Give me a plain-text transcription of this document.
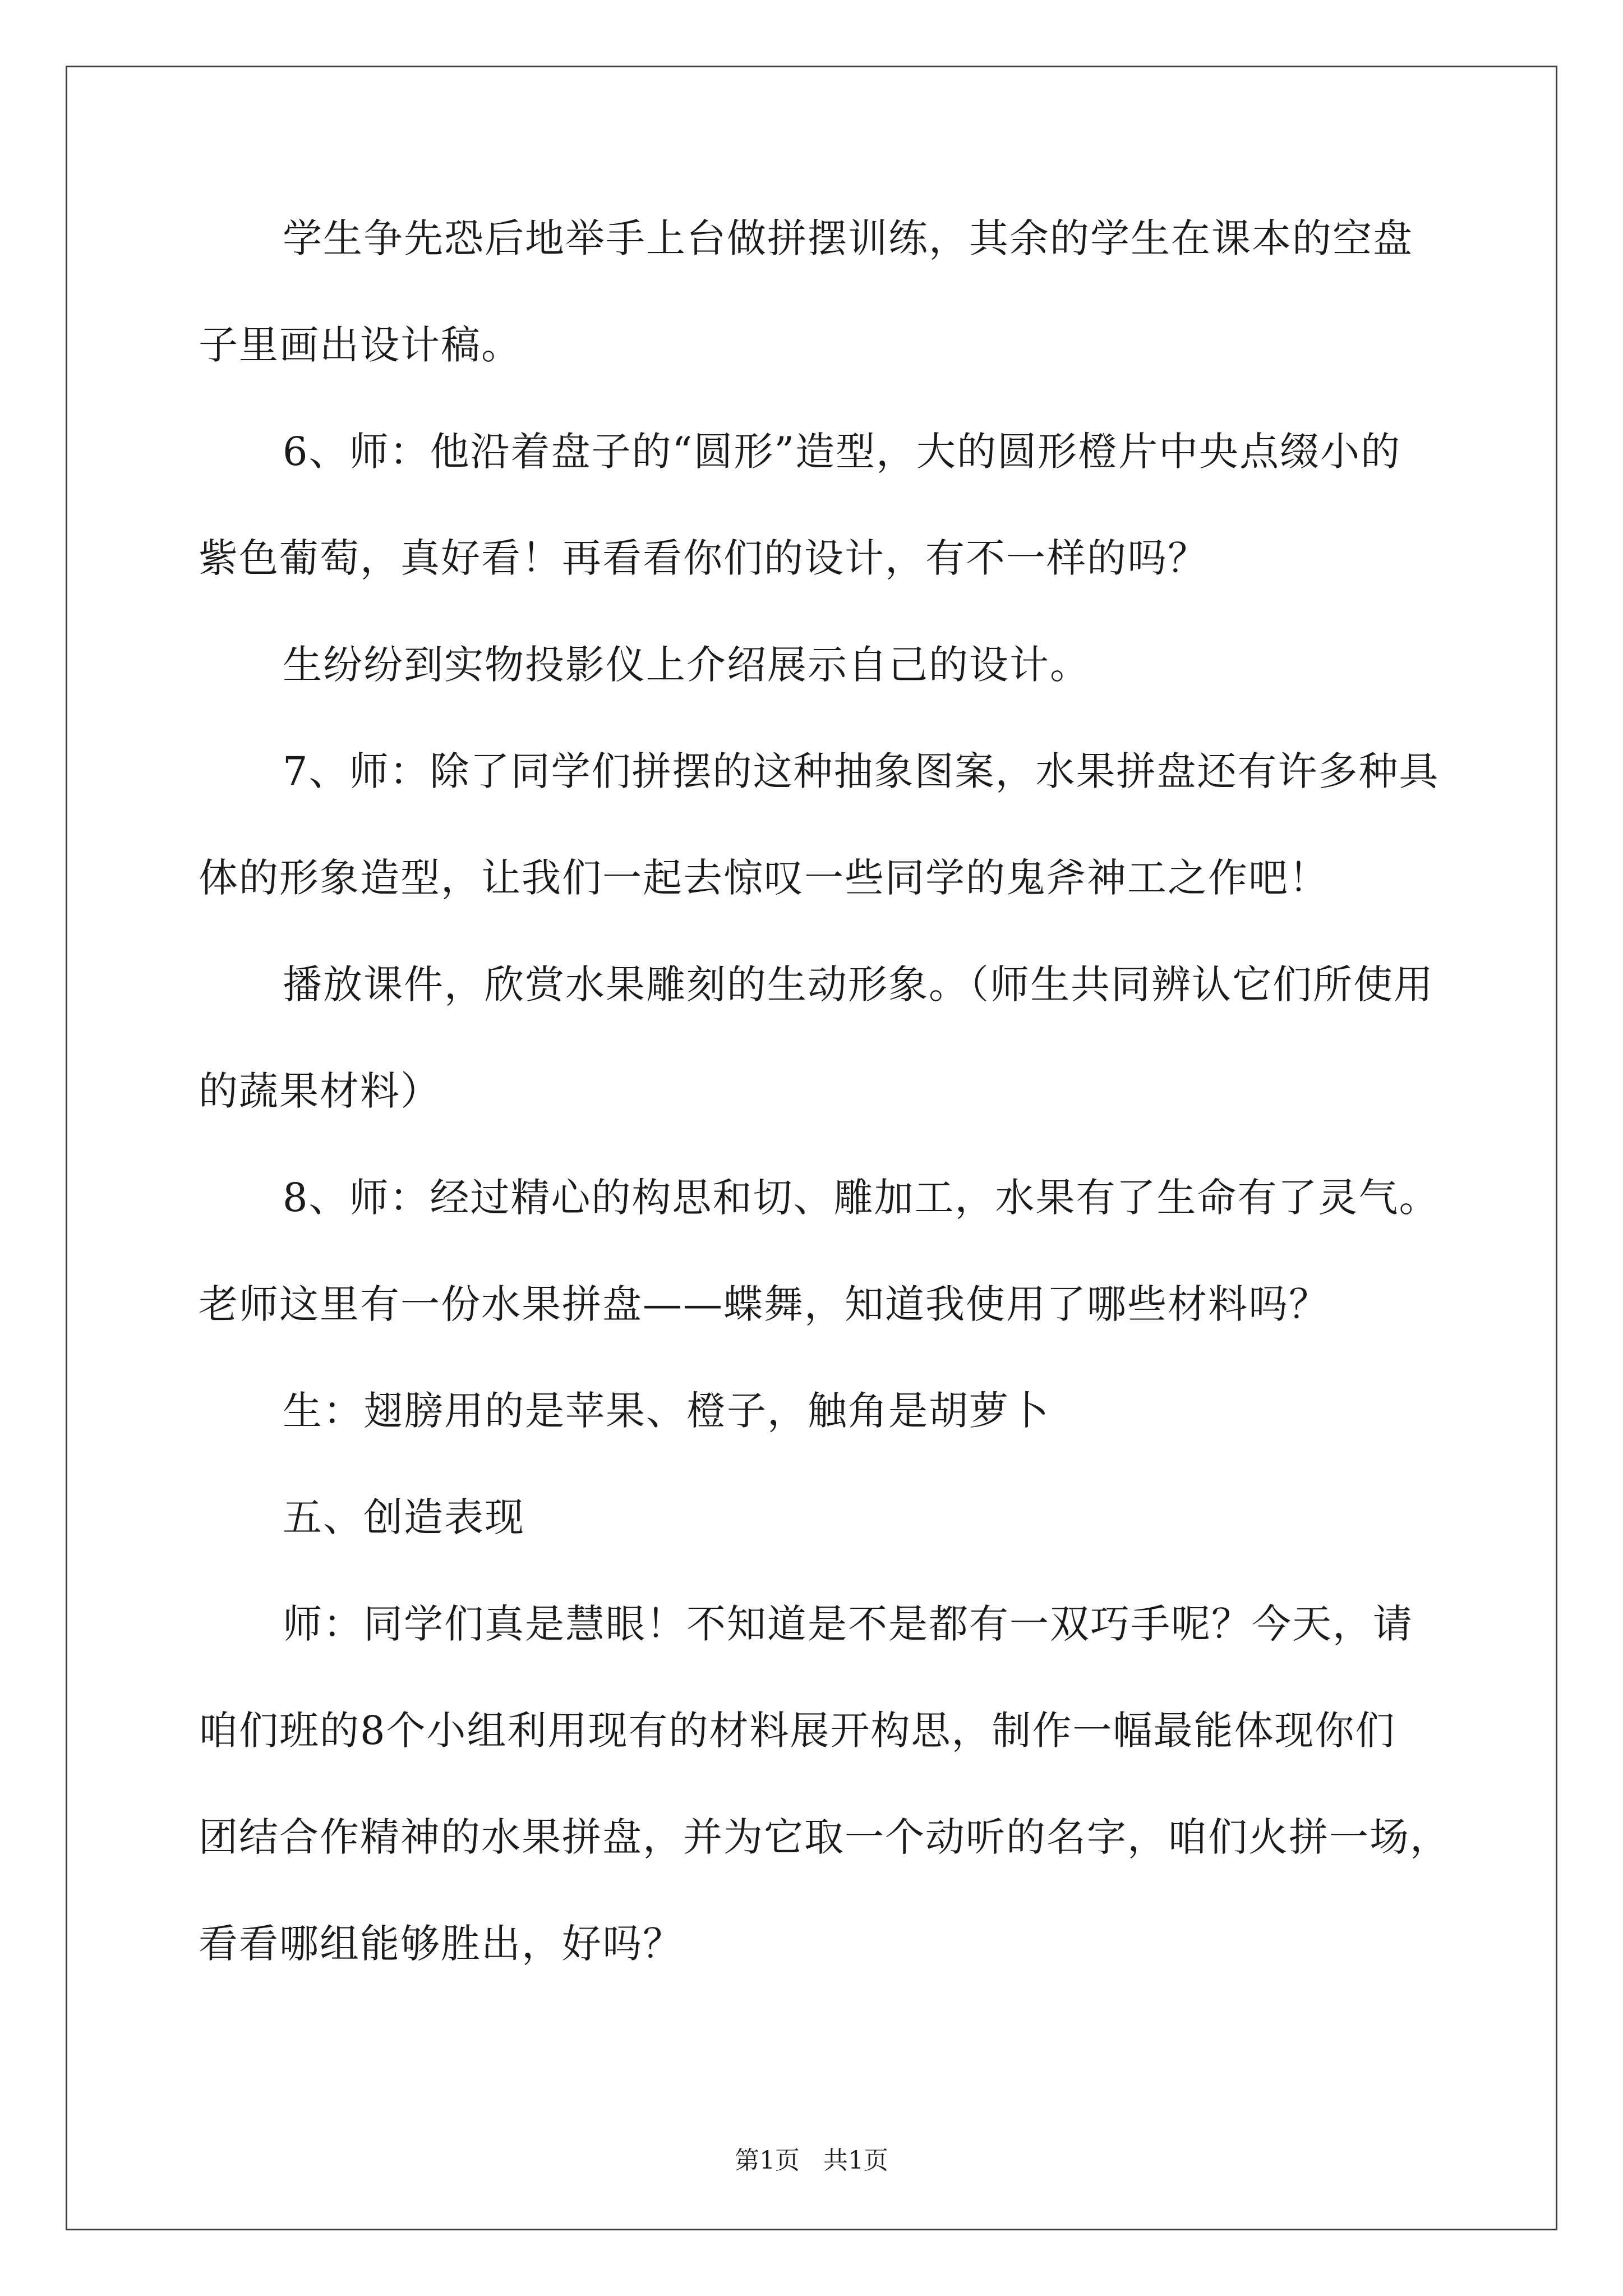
学生争先恐后地举手上台做拼摆训练，其余的学生在课本的空盘
子里画出设计稿。
6、师：他沿着盘子的“圆形”造型，大的圆形橙片中央点缀小的
紫色葡萄，真好看！再看看你们的设计，有不一样的吗？
生纷纷到实物投影仪上介绍展示自己的设计。
7、师：除了同学们拼摆的这种抽象图案，水果拼盘还有许多种具
体的形象造型，让我们一起去惊叹一些同学的鬼斧神工之作吧！
播放课件，欣赏水果雕刻的生动形象。（师生共同辨认它们所使用
的蔬果材料）
8、师：经过精心的构思和切、雕加工，水果有了生命有了灵气。
老师这里有一份水果拼盘——蝶舞，知道我使用了哪些材料吗？
生：翅膀用的是苹果、橙子，触角是胡萝卜
五、创造表现
师：同学们真是慧眼！不知道是不是都有一双巧手呢？今天，请
咱们班的8个小组利用现有的材料展开构思，制作一幅最能体现你们
团结合作精神的水果拼盘，并为它取一个动听的名字，咱们火拼一场，
看看哪组能够胜出，好吗？
第1页 共1页
